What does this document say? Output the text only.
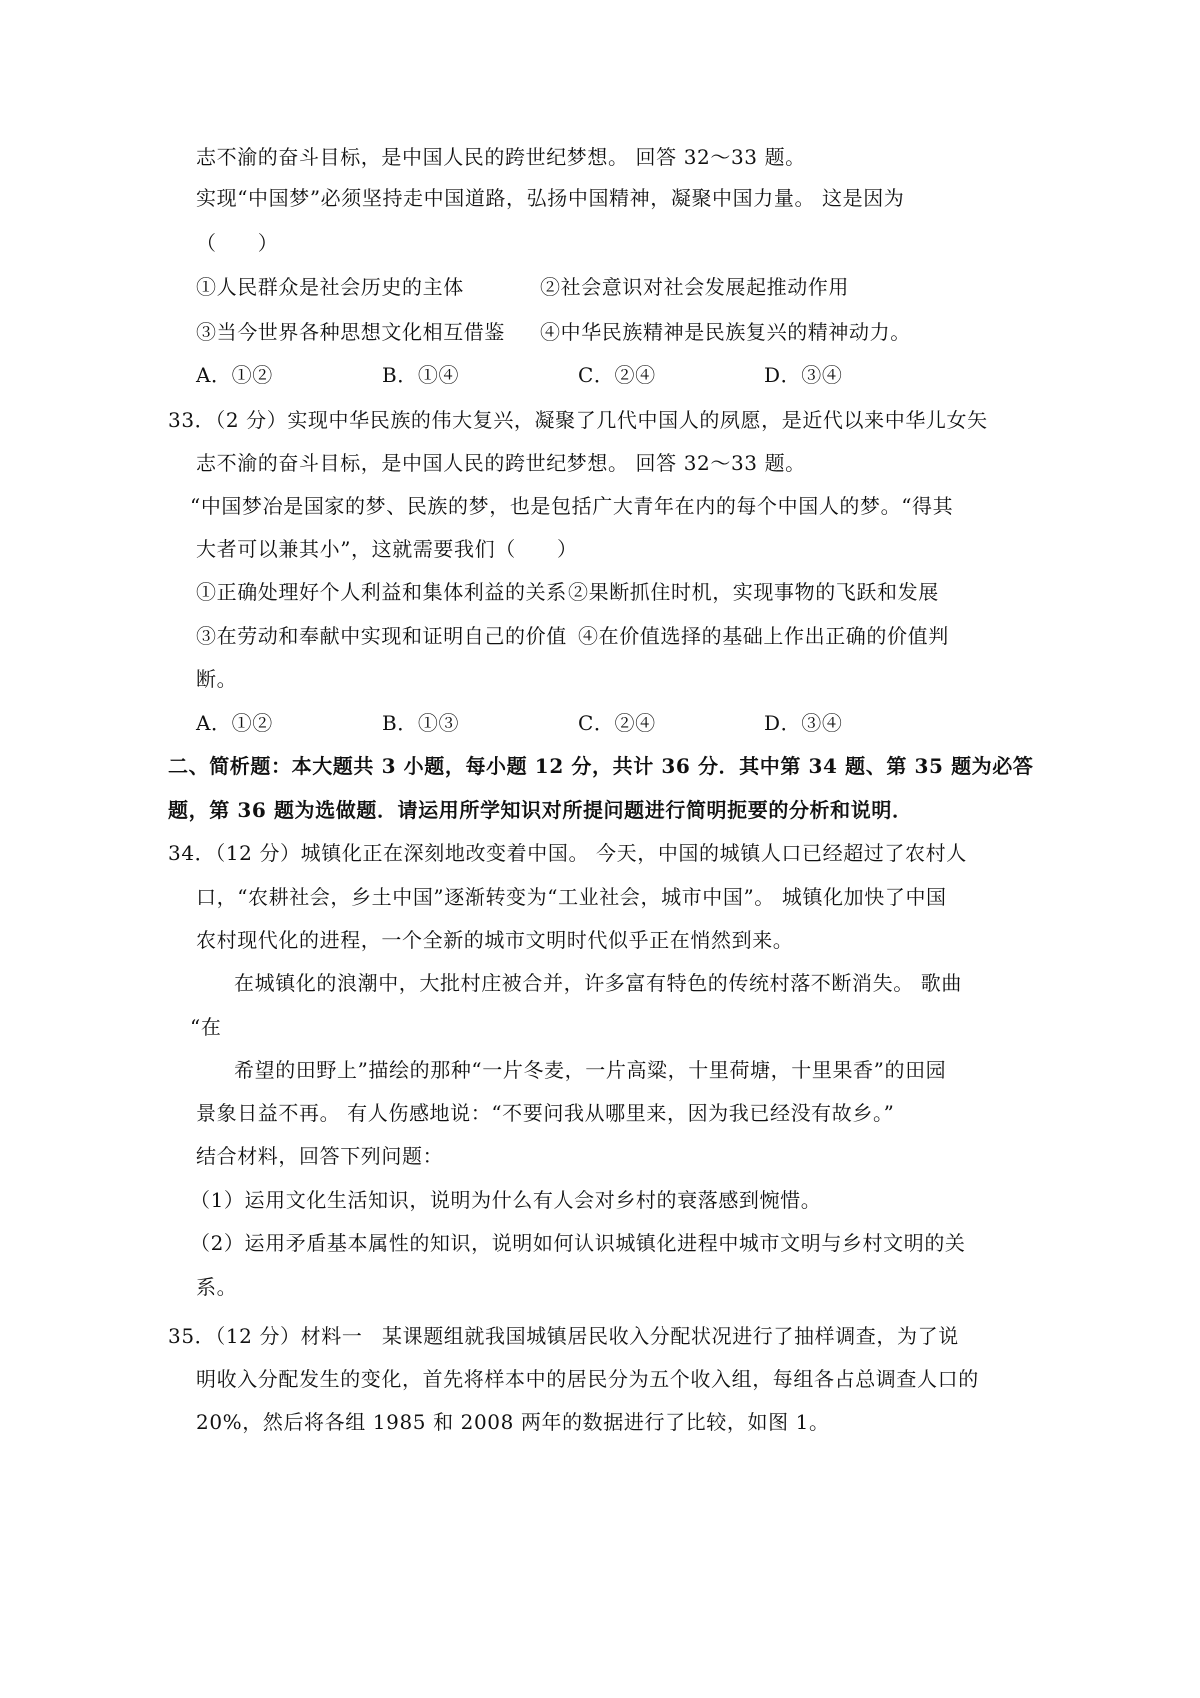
志不渝的奋斗目标，是中国人民的跨世纪梦想。 回答 32～33 题。
实现“中国梦”必须坚持走中国道路，弘扬中国精神，凝聚中国力量。 这是因为
（　　）
①人民群众是社会历史的主体	②社会意识对社会发展起推动作用
③当今世界各种思想文化相互借鉴 ④中华民族精神是民族复兴的精神动力。
A．①②	B．①④	C．②④	D．③④
33．（2 分）实现中华民族的伟大复兴，凝聚了几代中国人的夙愿，是近代以来中华儿女矢
志不渝的奋斗目标，是中国人民的跨世纪梦想。 回答 32～33 题。
“中国梦冶是国家的梦、民族的梦，也是包括广大青年在内的每个中国人的梦。“得其
大者可以兼其小”，这就需要我们（　　）
①正确处理好个人利益和集体利益的关系 ②果断抓住时机，实现事物的飞跃和发展
③在劳动和奉献中实现和证明自己的价值 ④在价值选择的基础上作出正确的价值判
断。
A．①②	B．①③	C．②④	D．③④
二、简析题：本大题共 3 小题，每小题 12 分，共计 36 分．其中第 34 题、第 35 题为必答
题，第 36 题为选做题．请运用所学知识对所提问题进行简明扼要的分析和说明．
34．（12 分）城镇化正在深刻地改变着中国。 今天，中国的城镇人口已经超过了农村人
口，“农耕社会，乡土中国”逐渐转变为“工业社会，城市中国”。 城镇化加快了中国
农村现代化的进程，一个全新的城市文明时代似乎正在悄然到来。
在城镇化的浪潮中，大批村庄被合并，许多富有特色的传统村落不断消失。 歌曲
“在
希望的田野上”描绘的那种“一片冬麦，一片高粱，十里荷塘，十里果香”的田园
景象日益不再。 有人伤感地说：“不要问我从哪里来，因为我已经没有故乡。”
结合材料，回答下列问题：
（1）运用文化生活知识，说明为什么有人会对乡村的衰落感到惋惜。
（2）运用矛盾基本属性的知识，说明如何认识城镇化进程中城市文明与乡村文明的关
系。
35．（12 分）材料一 某课题组就我国城镇居民收入分配状况进行了抽样调查，为了说
明收入分配发生的变化，首先将样本中的居民分为五个收入组，每组各占总调查人口的
20%，然后将各组 1985 和 2008 两年的数据进行了比较，如图 1。
